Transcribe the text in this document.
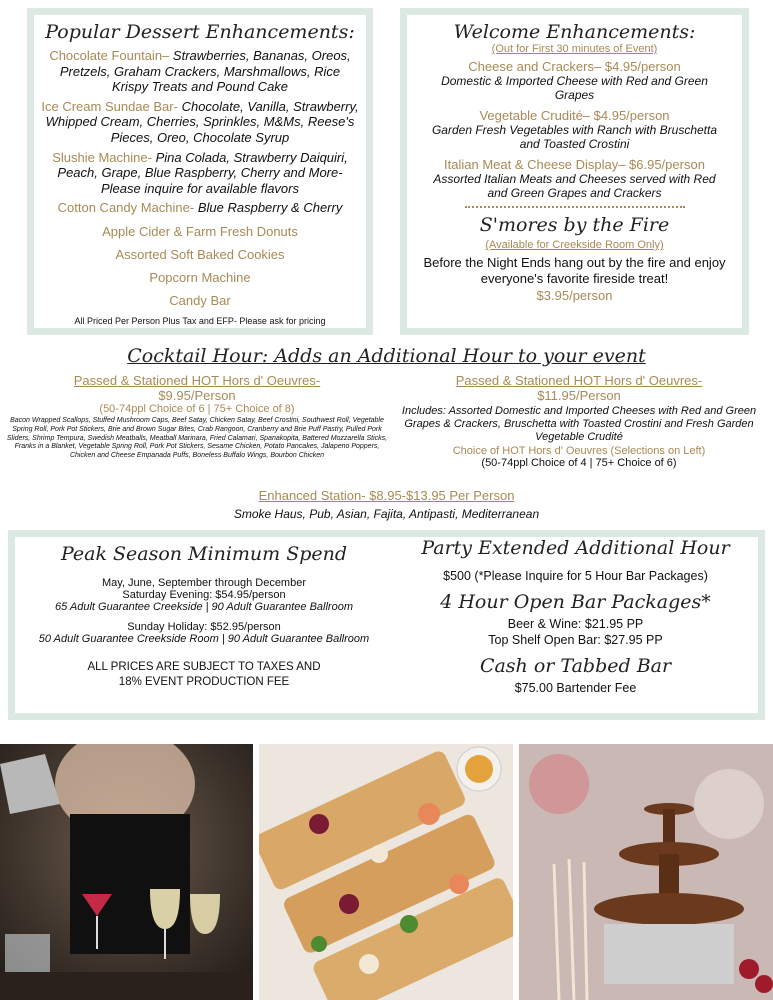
Popular Dessert Enhancements:
Chocolate Fountain– Strawberries, Bananas, Oreos, Pretzels, Graham Crackers, Marshmallows, Rice Krispy Treats and Pound Cake
Ice Cream Sundae Bar- Chocolate, Vanilla, Strawberry, Whipped Cream, Cherries, Sprinkles, M&Ms, Reese's Pieces, Oreo, Chocolate Syrup
Slushie Machine- Pina Colada, Strawberry Daiquiri, Peach, Grape, Blue Raspberry, Cherry and More- Please inquire for available flavors
Cotton Candy Machine- Blue Raspberry & Cherry
Apple Cider & Farm Fresh Donuts
Assorted Soft Baked Cookies
Popcorn Machine
Candy Bar
All Priced Per Person Plus Tax and EFP- Please ask for pricing
Welcome Enhancements:
(Out for First 30 minutes of Event)
Cheese and Crackers– $4.95/person
Domestic & Imported Cheese with Red and Green Grapes
Vegetable Crudité– $4.95/person
Garden Fresh Vegetables with Ranch with Bruschetta and Toasted Crostini
Italian Meat & Cheese Display– $6.95/person
Assorted Italian Meats and Cheeses served with Red and Green Grapes and Crackers
S'mores by the Fire
(Available for Creekside Room Only)
Before the Night Ends hang out by the fire and enjoy everyone's favorite fireside treat!
$3.95/person
Cocktail Hour: Adds an Additional Hour to your event
Passed & Stationed HOT Hors d' Oeuvres-
$9.95/Person
(50-74ppl Choice of 6 | 75+ Choice of 8)
Bacon Wrapped Scallops, Stuffed Mushroom Caps, Beef Satay, Chicken Satay, Beef Crostini, Southwest Roll, Vegetable Spring Roll, Pork Pot Stickers, Brie and Brown Sugar Bites, Crab Rangoon, Cranberry and Brie Puff Pastry, Pulled Pork Sliders, Shrimp Tempura, Swedish Meatballs, Meatball Marinara, Fried Calamari, Spanakopita, Battered Mozzarella Sticks, Franks in a Blanket, Vegetable Spring Roll, Pork Pot Stickers, Sesame Chicken, Potato Pancakes, Jalapeno Poppers, Chicken and Cheese Empanada Puffs, Boneless Buffalo Wings, Bourbon Chicken
Passed & Stationed HOT Hors d' Oeuvres-
$11.95/Person
Includes: Assorted Domestic and Imported Cheeses with Red and Green Grapes & Crackers, Bruschetta with Toasted Crostini and Fresh Garden Vegetable Crudité
Choice of HOT Hors d' Oeuvres (Selections on Left)
(50-74ppl Choice of 4 | 75+ Choice of 6)
Enhanced Station- $8.95-$13.95 Per Person
Smoke Haus, Pub, Asian, Fajita, Antipasti, Mediterranean
Peak Season Minimum Spend
May, June, September through December
Saturday Evening: $54.95/person
65 Adult Guarantee Creekside | 90 Adult Guarantee Ballroom
Sunday Holiday: $52.95/person
50 Adult Guarantee Creekside Room | 90 Adult Guarantee Ballroom
ALL PRICES ARE SUBJECT TO TAXES AND
18% EVENT PRODUCTION FEE
Party Extended Additional Hour
$500 (*Please Inquire for 5 Hour Bar Packages)
4 Hour Open Bar Packages*
Beer & Wine: $21.95 PP
Top Shelf Open Bar: $27.95 PP
Cash or Tabbed Bar
$75.00 Bartender Fee
